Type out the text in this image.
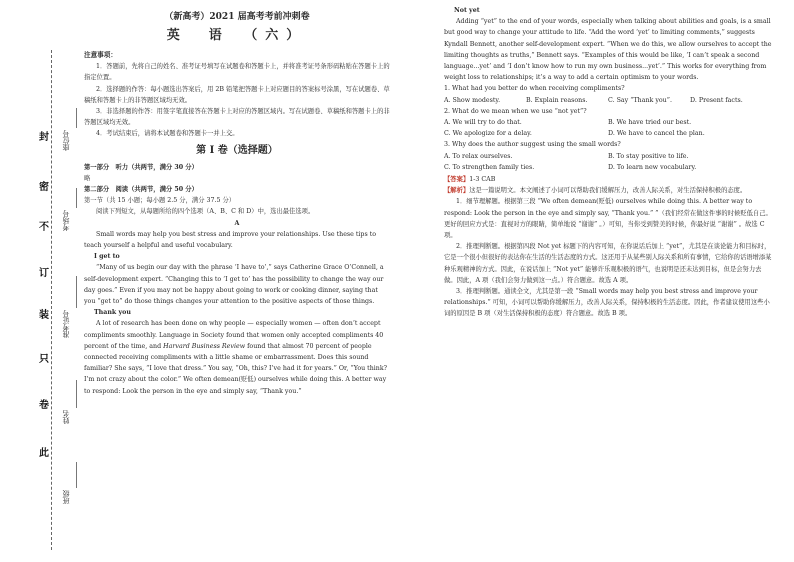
封
密
不
订
装
只
卷
此
座位号
考场号
准考证号
姓名
班级
（新高考）2021 届高考考前冲刺卷
英　语　（六）
注意事项：

1．答题前，先将自己的姓名、准考证号填写在试题卷和答题卡上，并将准考证号条形码粘贴在答题卡上的指定位置。

2．选择题的作答：每小题选出答案后，用 2B 铅笔把答题卡上对应题目的答案标号涂黑，写在试题卷、草稿纸和答题卡上的非答题区域均无效。

3．非选择题的作答：用签字笔直接答在答题卡上对应的答题区域内。写在试题卷、草稿纸和答题卡上的非答题区域均无效。

4．考试结束后，请将本试题卷和答题卡一并上交。

第 I 卷（选择题）

第一部分　听力（共两节，满分 30 分）

略

第二部分　阅读（共两节，满分 50 分）

第一节（共 15 小题；每小题 2.5 分，满分 37.5 分）

阅读下列短文，从每题所给的四个选项（A、B、C 和 D）中，选出最佳选项。

A

Small words may help you best stress and improve your relationships. Use these tips to teach yourself a helpful and useful vocabulary.

I get to

“Many of us begin our day with the phrase ‘I have to’,” says Catherine Grace O’Connell, a self-development expert. “Changing this to ‘I get to’ has the possibility to change the way our day goes.” Even if you may not be happy about going to work or cooking dinner, saying that you “get to” do those things changes your attention to the positive aspects of those things.

Thank you

A lot of research has been done on why people — especially women — often don’t accept compliments smoothly. Language in Society found that women only accepted compliments 40 percent of the time, and Harvard Business Review found that almost 70 percent of people connected receiving compliments with a little shame or embarrassment. Does this sound familiar? She says, “I love that dress.” You say, “Oh, this? I’ve had it for years.” Or, “You think? I’m not crazy about the color.” We often demean(贬低) ourselves while doing this. A better way to respond: Look the person in the eye and simply say, “Thank you.”

Not yet

Adding “yet” to the end of your words, especially when talking about abilities and goals, is a small but good way to change your attitude to life. “Add the word ‘yet’ to limiting comments,” suggests Kyndall Bennett, another self-development expert. “When we do this, we allow ourselves to accept the limiting thoughts as truths,” Bennett says. “Examples of this would be like, ‘I can’t speak a second language...yet’ and ‘I don’t know how to run my own business...yet’.” This works for everything from weight loss to relationships; it’s a way to add a certain optimism to your words.

1. What had you better do when receiving compliments?

A. Show modesty.	B. Explain reasons.	C. Say “Thank you”.	D. Present facts.

2. What do we mean when we use “not yet”?

A. We will try to do that.	B. We have tried our best.
C. We apologize for a delay.	D. We have to cancel the plan.

3. Why does the author suggest using the small words?

A. To relax ourselves.	B. To stay positive to life.
C. To strengthen family ties.	D. To learn new vocabulary.

【答案】1-3 CAB

【解析】这是一篇说明文。本文阐述了小词可以帮助我们缓解压力，改善人际关系，对生活保持积极的态度。

1．细节理解题。根据第三段 “We often demean(贬低) ourselves while doing this. A better way to respond: Look the person in the eye and simply say, “Thank you.” ”（我们经常在做这件事的时候贬低自己。更好的回应方式是：直视对方的眼睛，简单地说 “谢谢” 。）可知，当你受到赞美的时候，你最好说 “谢谢” 。故选 C 项。

2．推理判断题。根据第四段 Not yet 标题下的内容可知，在你说话后加上 “yet”，尤其是在谈论能力和目标时，它是一个很小但很好的表达你在生活的生活态度的方式。这还用于从某些别人际关系和所有事情，它给你的话语增添某种乐观精神的方式。因此，在说话加上 “Not yet” 能够许乐观积极的语气，也说明是还未达到目标，但是会努力去做。因此，A 项（我们会努力做到这一点。）符合题意。故选 A 项。

3．推理判断题。通读全文，尤其是第一段 “Small words may help you best stress and improve your relationships.” 可知，小词可以帮助你缓解压力，改善人际关系，保持积极的生活态度。因此，作者建议使用这些小词的原因是 B 项（对生活保持积极的态度）符合题意。故选 B 项。
